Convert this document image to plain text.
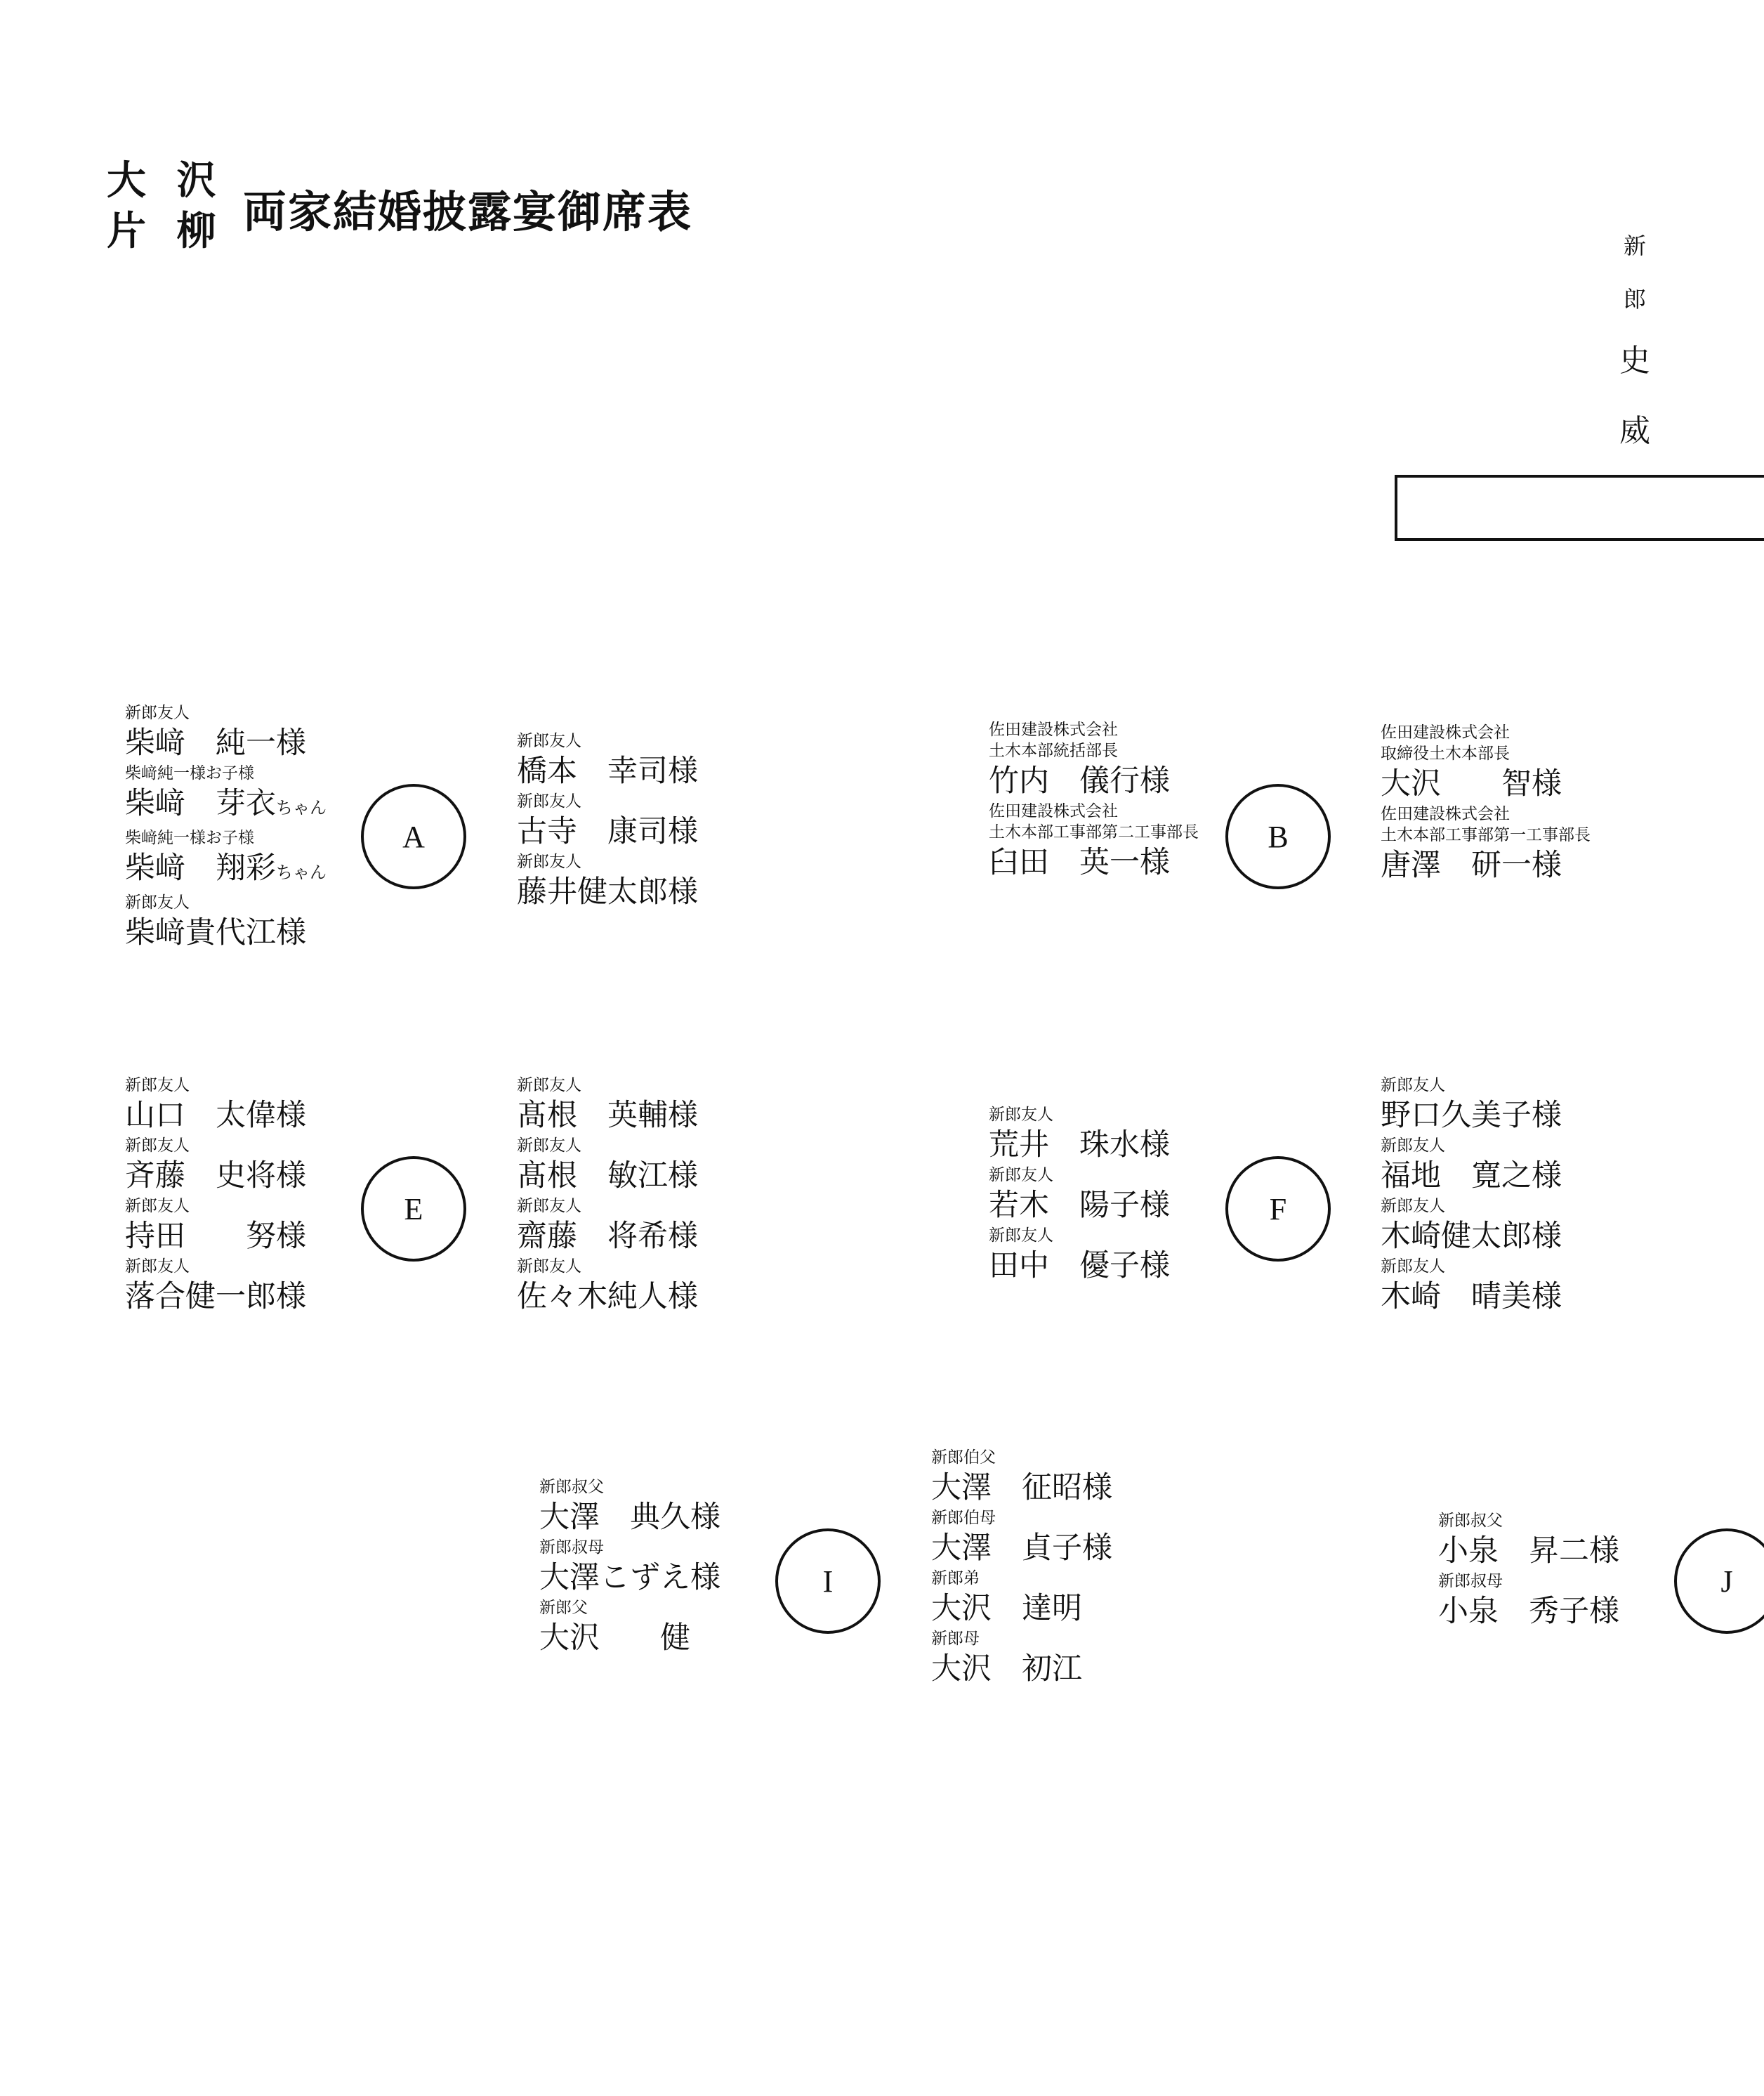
大 沢
片 柳 両家結婚披露宴御席表
新
郎
史
威
A
新郎友人
柴﨑　純一様
柴﨑純一様お子様
柴﨑　芽衣ちゃん
柴﨑純一様お子様
柴﨑　翔彩ちゃん
新郎友人
柴﨑貴代江様
新郎友人
橋本　幸司様
新郎友人
古寺　康司様
新郎友人
藤井健太郎様
B
佐田建設株式会社
土木本部統括部長
竹内　儀行様
佐田建設株式会社
土木本部工事部第二工事部長
臼田　英一様
佐田建設株式会社
取締役土木本部長
大沢　　智様
佐田建設株式会社
土木本部工事部第一工事部長
唐澤　研一様
E
新郎友人
山口　太偉様
新郎友人
斉藤　史将様
新郎友人
持田　　努様
新郎友人
落合健一郎様
新郎友人
髙根　英輔様
新郎友人
髙根　敏江様
新郎友人
齋藤　将希様
新郎友人
佐々木純人様
F
新郎友人
荒井　珠水様
新郎友人
若木　陽子様
新郎友人
田中　優子様
新郎友人
野口久美子様
新郎友人
福地　寛之様
新郎友人
木崎健太郎様
新郎友人
木崎　晴美様
I
新郎叔父
大澤　典久様
新郎叔母
大澤こずえ様
新郎父
大沢　　健
新郎伯父
大澤　征昭様
新郎伯母
大澤　貞子様
新郎弟
大沢　達明
新郎母
大沢　初江
J
新郎叔父
小泉　昇二様
新郎叔母
小泉　秀子様
